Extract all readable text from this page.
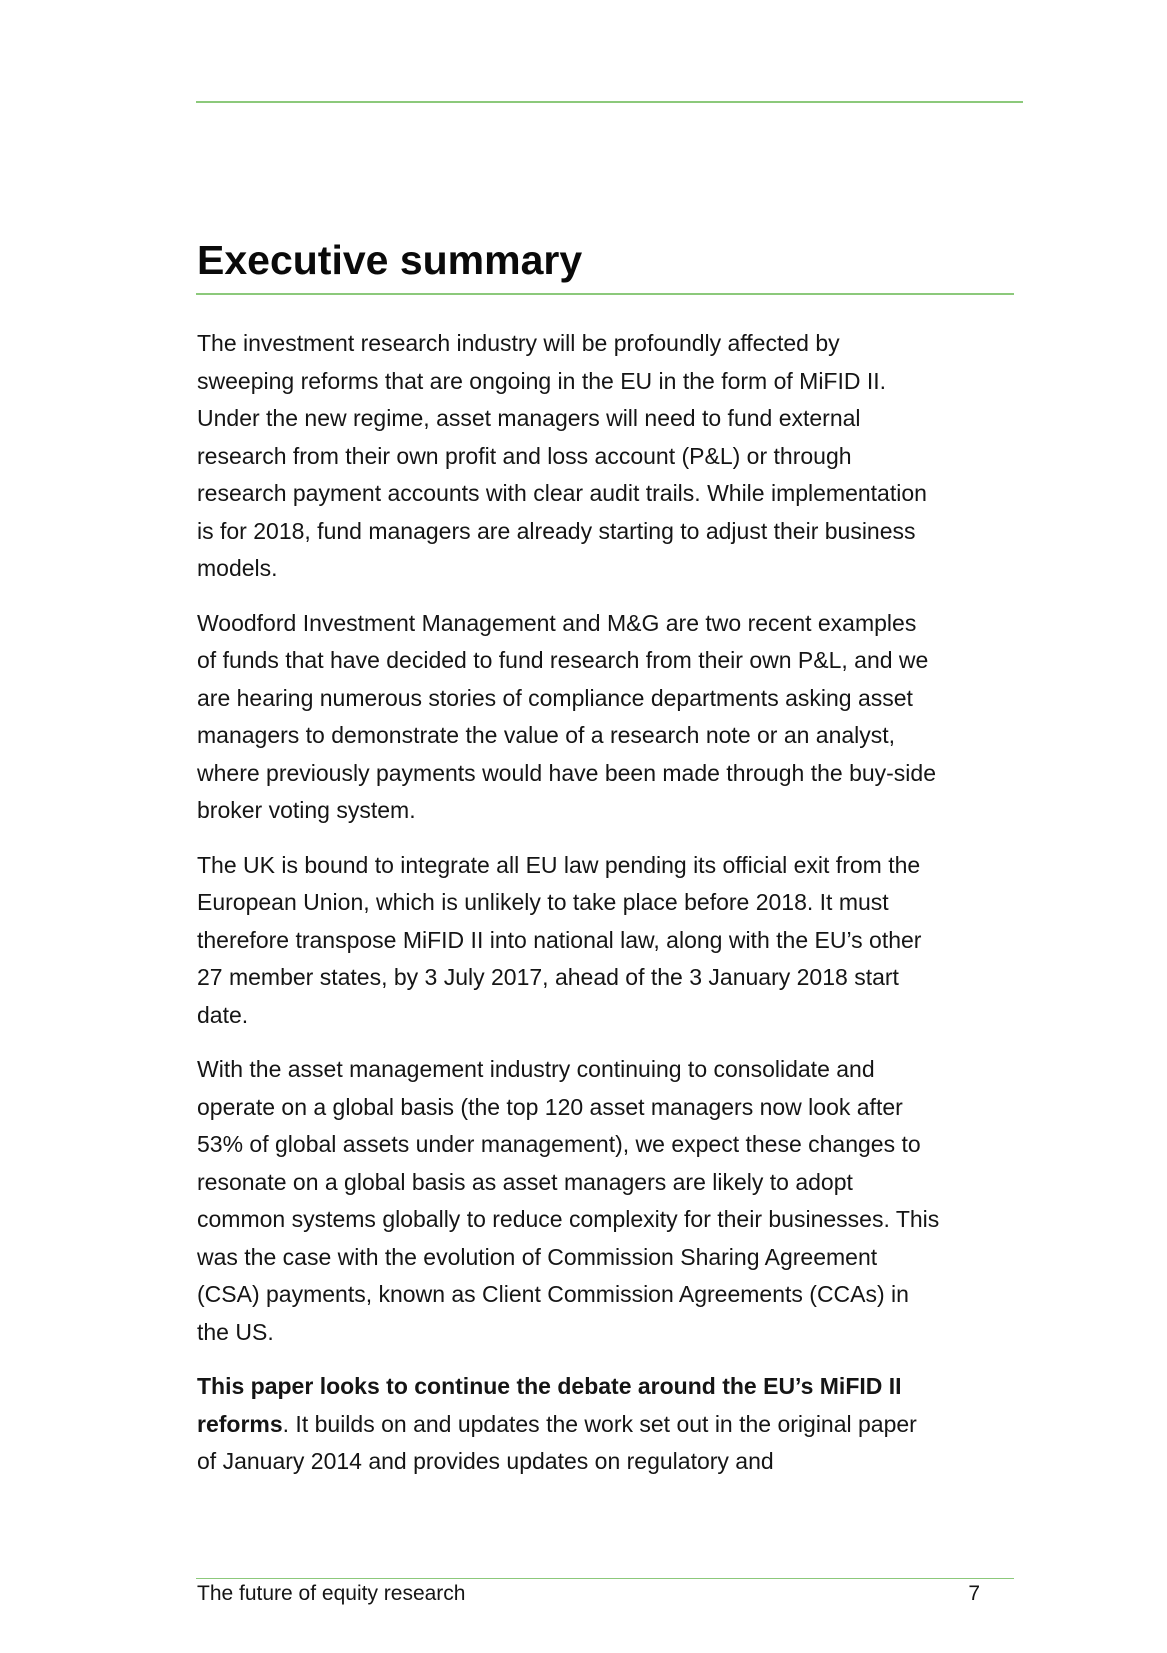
Executive summary

The investment research industry will be profoundly affected by
sweeping reforms that are ongoing in the EU in the form of MiFID II.
Under the new regime, asset managers will need to fund external
research from their own profit and loss account (P&L) or through
research payment accounts with clear audit trails. While implementation
is for 2018, fund managers are already starting to adjust their business
models.

Woodford Investment Management and M&G are two recent examples
of funds that have decided to fund research from their own P&L, and we
are hearing numerous stories of compliance departments asking asset
managers to demonstrate the value of a research note or an analyst,
where previously payments would have been made through the buy-side
broker voting system.

The UK is bound to integrate all EU law pending its official exit from the
European Union, which is unlikely to take place before 2018. It must
therefore transpose MiFID II into national law, along with the EU’s other
27 member states, by 3 July 2017, ahead of the 3 January 2018 start
date.

With the asset management industry continuing to consolidate and
operate on a global basis (the top 120 asset managers now look after
53% of global assets under management), we expect these changes to
resonate on a global basis as asset managers are likely to adopt
common systems globally to reduce complexity for their businesses. This
was the case with the evolution of Commission Sharing Agreement
(CSA) payments, known as Client Commission Agreements (CCAs) in
the US.

This paper looks to continue the debate around the EU’s MiFID II
reforms. It builds on and updates the work set out in the original paper
of January 2014 and provides updates on regulatory and

The future of equity research	7
